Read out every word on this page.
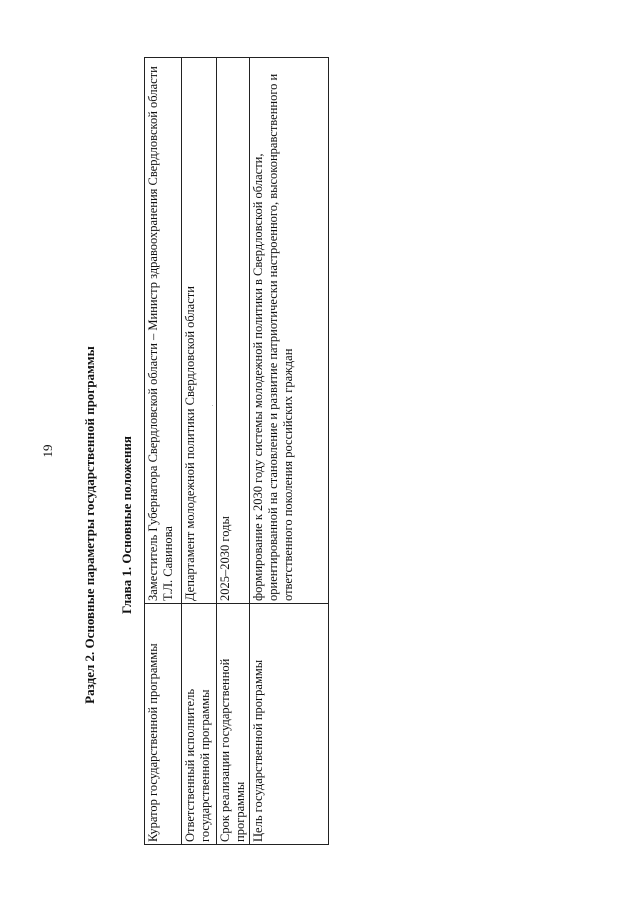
19 Раздел 2. Основные параметры государственной программы Глава 1. Основные положения
Куратор государственной программы	Заместитель Губернатора Свердловской области – Министр здравоохранения Свердловской области Т.Л. Савинова
Ответственный исполнитель государственной программы	Департамент молодежной политики Свердловской области
Срок реализации государственной программы	2025–2030 годы
Цель государственной программы	формирование к 2030 году системы молодежной политики в Свердловской области, ориентированной на становление и развитие патриотически настроенного, высоконравственного и ответственного поколения российских граждан
